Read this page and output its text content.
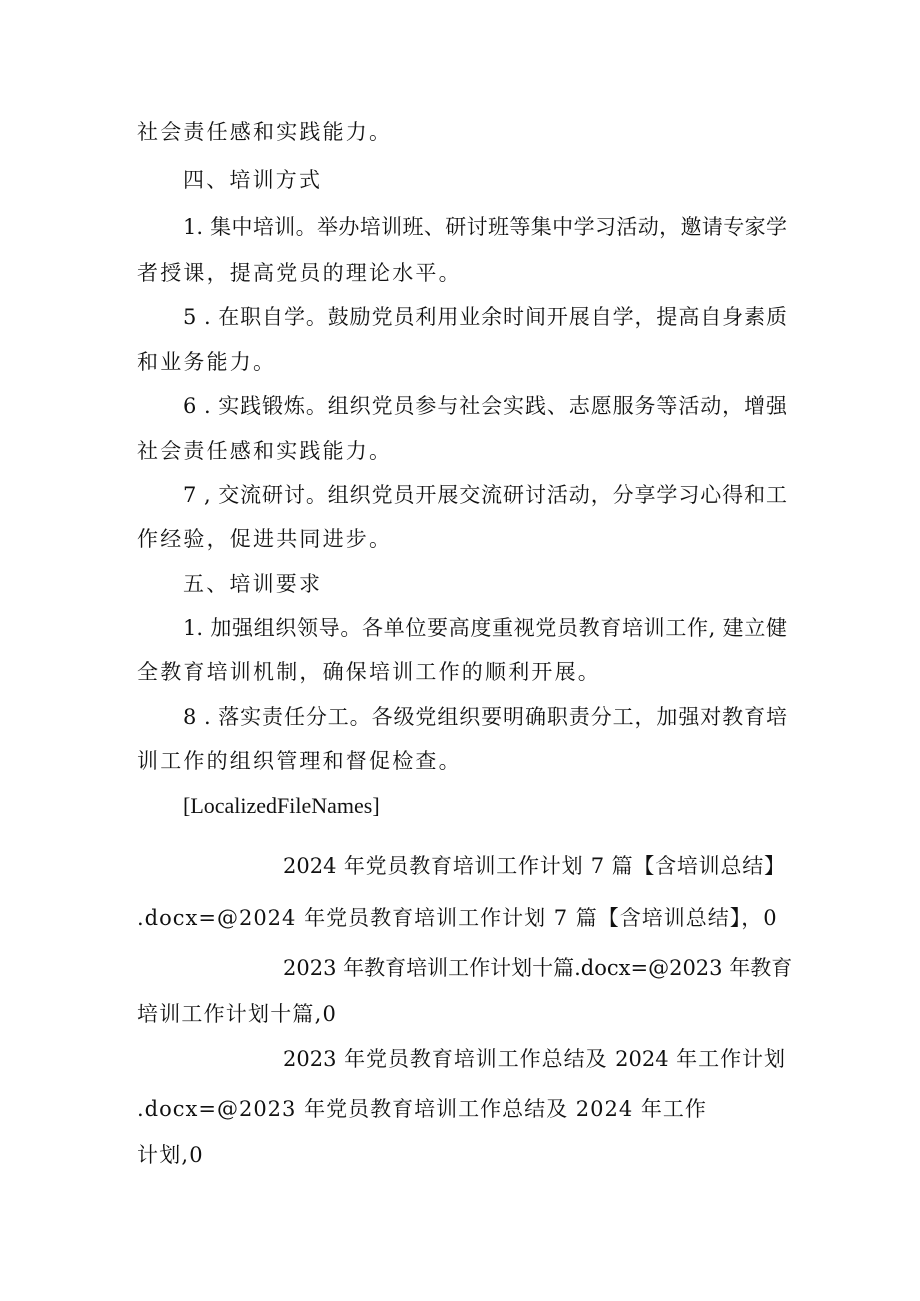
社会责任感和实践能力。
四、培训方式
1. 集中培训。举办培训班、研讨班等集中学习活动，邀请专家学
者授课，提高党员的理论水平。
5 . 在职自学。鼓励党员利用业余时间开展自学，提高自身素质
和业务能力。
6 . 实践锻炼。组织党员参与社会实践、志愿服务等活动，增强
社会责任感和实践能力。
7 , 交流研讨。组织党员开展交流研讨活动，分享学习心得和工
作经验，促进共同进步。
五、培训要求
1. 加强组织领导。各单位要高度重视党员教育培训工作, 建立健
全教育培训机制，确保培训工作的顺利开展。
8 . 落实责任分工。各级党组织要明确职责分工，加强对教育培
训工作的组织管理和督促检查。
[LocalizedFileNames]
2024 年党员教育培训工作计划 7 篇【含培训总结】
.docx=@2024 年党员教育培训工作计划 7 篇【含培训总结】，0
2023 年教育培训工作计划十篇.docx=@2023 年教育
培训工作计划十篇,0
2023 年党员教育培训工作总结及 2024 年工作计划
.docx=@2023 年党员教育培训工作总结及 2024 年工作
计划,0
